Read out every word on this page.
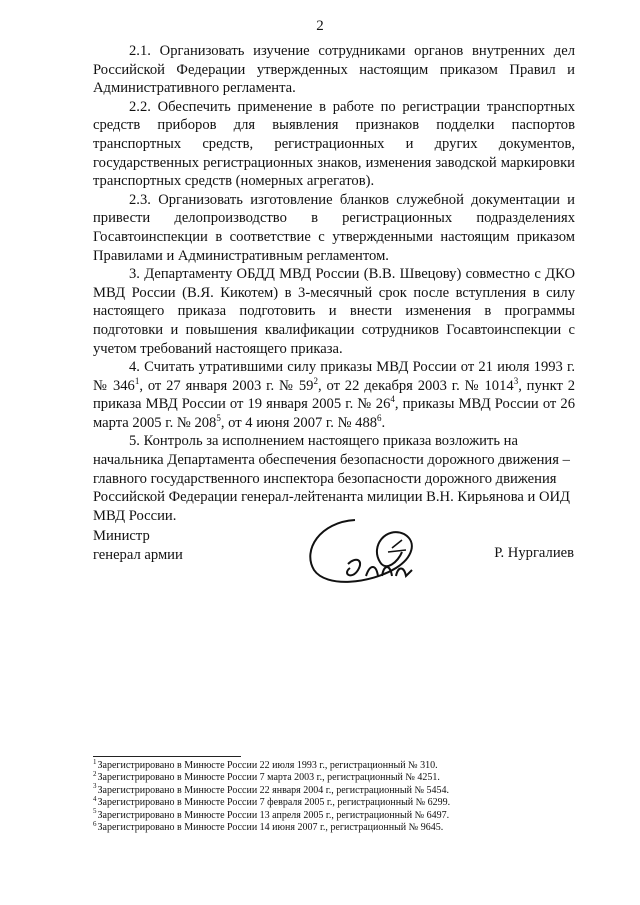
2

2.1. Организовать изучение сотрудниками органов внутренних дел Российской Федерации утвержденных настоящим приказом Правил и Административного регламента.

2.2. Обеспечить применение в работе по регистрации транспортных средств приборов для выявления признаков подделки паспортов транспортных средств, регистрационных и других документов, государственных регистрационных знаков, изменения заводской маркировки транспортных средств (номерных агрегатов).

2.3. Организовать изготовление бланков служебной документации и привести делопроизводство в регистрационных подразделениях Госавтоинспекции в соответствие с утвержденными настоящим приказом Правилами и Административным регламентом.

3. Департаменту ОБДД МВД России (В.В. Швецову) совместно с ДКО МВД России (В.Я. Кикотем) в 3-месячный срок после вступления в силу настоящего приказа подготовить и внести изменения в программы подготовки и повышения квалификации сотрудников Госавтоинспекции с учетом требований настоящего приказа.

4. Считать утратившими силу приказы МВД России от 21 июля 1993 г. № $346^1$, от 27 января 2003 г. № $59^2$, от 22 декабря 2003 г. № 1014$^3$, пункт 2 приказа МВД России от 19 января 2005 г. № $26^4$, приказы МВД России от 26 марта 2005 г. № $208^5$, от 4 июня 2007 г. № $488^6$.

5. Контроль за исполнением настоящего приказа возложить на начальника Департамента обеспечения безопасности дорожного движения – главного государственного инспектора безопасности дорожного движения Российской Федерации генерал-лейтенанта милиции В.Н. Кирьянова и ОИД МВД России.

Министр
генерал армии	Р. Нургалиев

$^1$Зарегистрировано в Минюсте России 22 июля 1993 г., регистрационный № 310.

$^2$Зарегистрировано в Минюсте России 7 марта 2003 г., регистрационный № 4251.

$^3$Зарегистрировано в Минюсте России 22 января 2004 г., регистрационный № 5454.

$^4$Зарегистрировано в Минюсте России 7 февраля 2005 г., регистрационный № 6299.

$^5$Зарегистрировано в Минюсте России 13 апреля 2005 г., регистрационный № 6497.

$^6$Зарегистрировано в Минюсте России 14 июня 2007 г., регистрационный № 9645.
